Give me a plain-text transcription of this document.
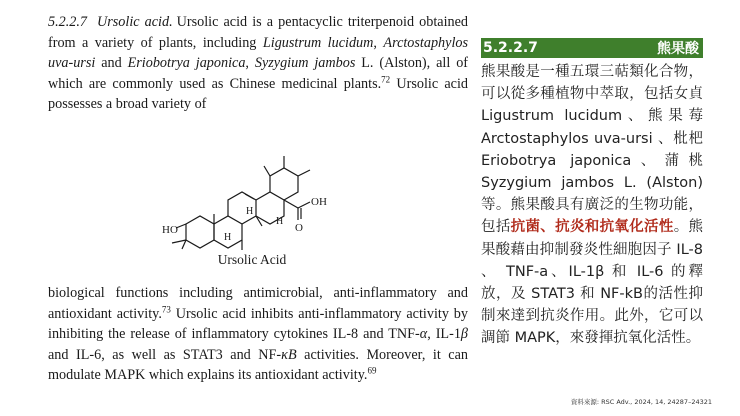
5.2.2.7 Ursolic acid. Ursolic acid is a pentacyclic triterpenoid obtained from a variety of plants, including Ligustrum lucidum, Arctostaphylos uva-ursi and Eriobotrya japonica, Syzygium jambos L. (Alston), all of which are commonly used as Chinese medicinal plants.$^{72}$ Ursolic acid possesses a broad variety of

OH
O
HO
H
H
H
Ursolic Acid

biological functions including antimicrobial, anti-inflammatory and antioxidant activity.$^{73}$ Ursolic acid inhibits anti-inflammatory activity by inhibiting the release of inflammatory cytokines IL-8 and TNF-α, IL-1β and IL-6, as well as STAT3 and NF-κB activities. Moreover, it can modulate MAPK which explains its antioxidant activity.$^{69}$

5.2.2.7	熊果酸

熊果酸是一種五環三萜類化合物，可以從多種植物中萃取，包括女貞 Ligustrum lucidum、熊果莓 Arctostaphylos uva-ursi 、枇杷 Eriobotrya japonica、蒲桃 Syzygium jambos L. (Alston)等。熊果酸具有廣泛的生物功能，包括抗菌、抗炎和抗氧化活性。熊果酸藉由抑制發炎性細胞因子 IL-8 、 TNF-a、IL-1β 和 IL-6 的釋放，及 STAT3 和 NF-kB的活性抑制來達到抗炎作用。此外，它可以調節 MAPK，來發揮抗氧化活性。

資料來源: RSC Adv., 2024, 14, 24287–24321
